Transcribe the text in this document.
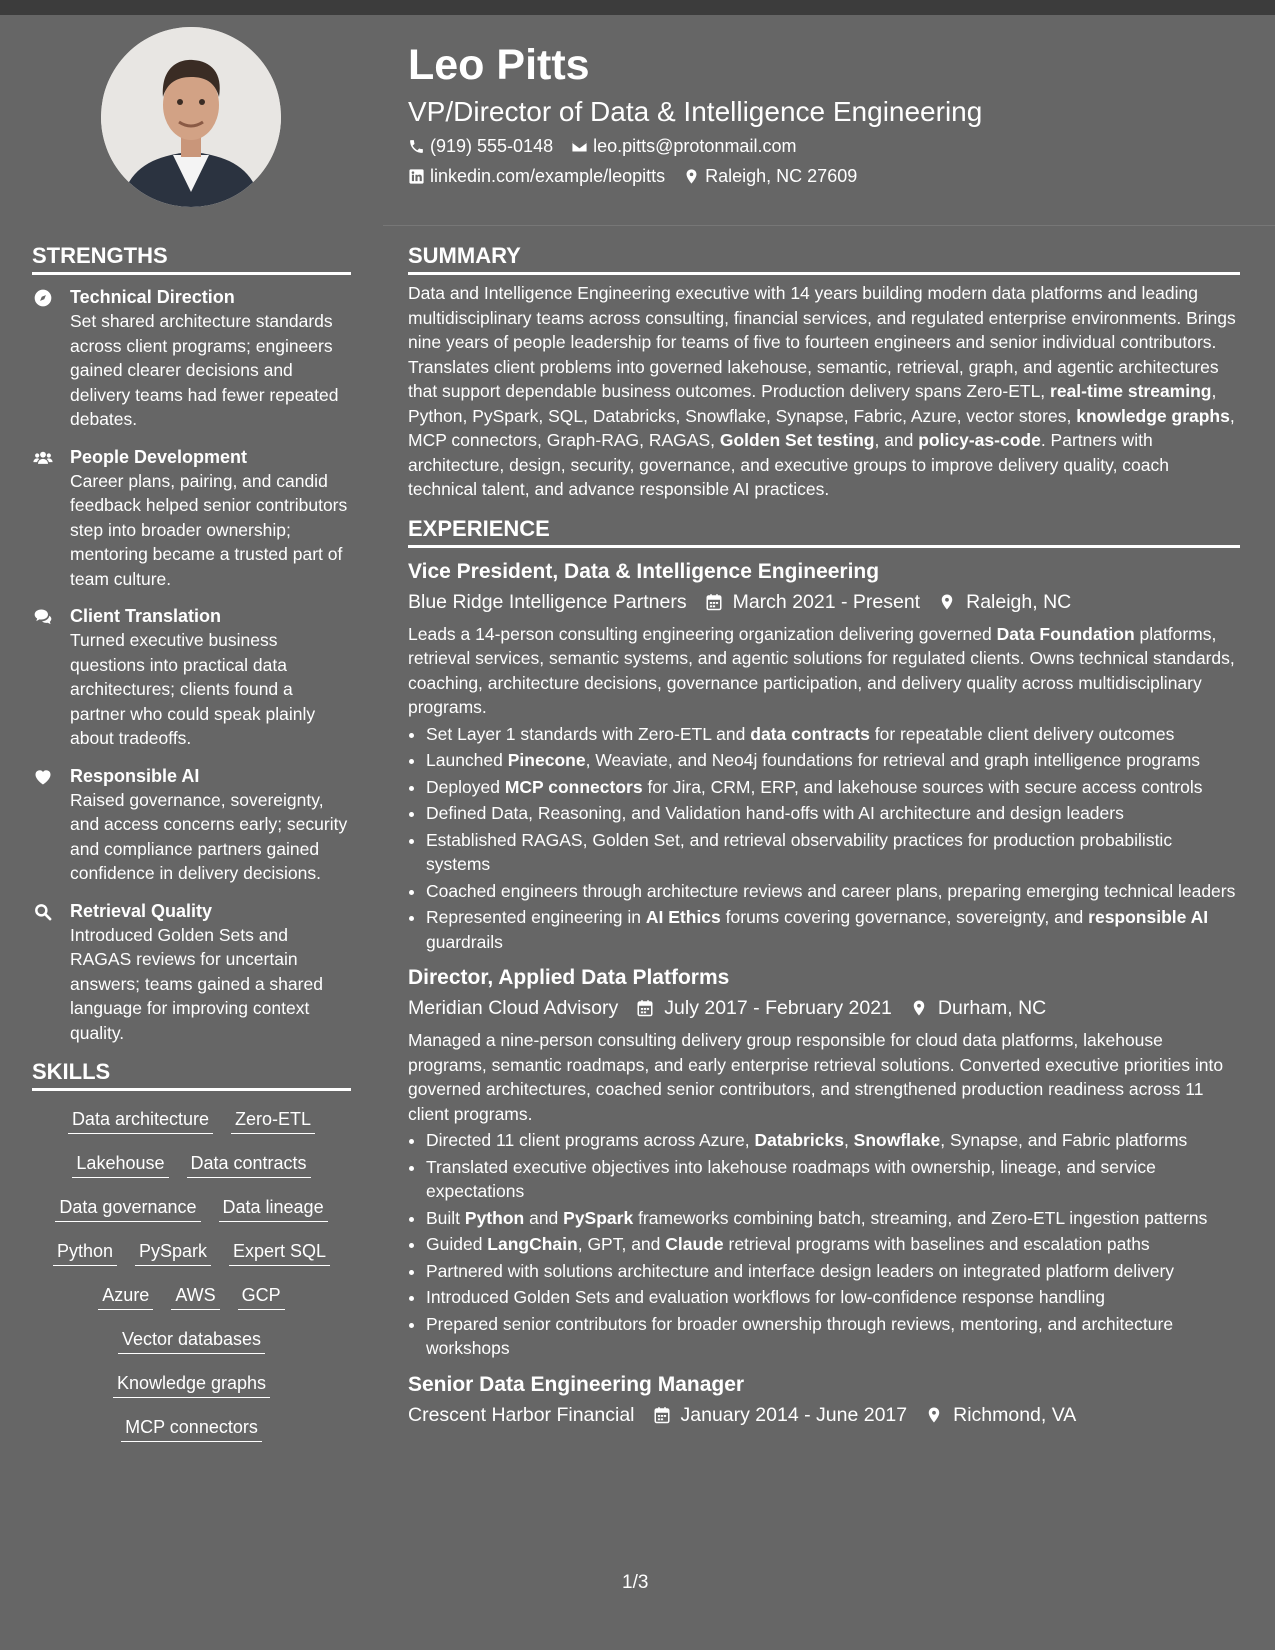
Leo Pitts
VP/Director of Data & Intelligence Engineering
(919) 555-0148 leo.pitts@protonmail.com
linkedin.com/example/leopitts Raleigh, NC 27609
STRENGTHS
Technical Direction
Set shared architecture standards across client programs; engineers gained clearer decisions and delivery teams had fewer repeated debates.
People Development
Career plans, pairing, and candid feedback helped senior contributors step into broader ownership; mentoring became a trusted part of team culture.
Client Translation
Turned executive business questions into practical data architectures; clients found a partner who could speak plainly about tradeoffs.
Responsible AI
Raised governance, sovereignty, and access concerns early; security and compliance partners gained confidence in delivery decisions.
Retrieval Quality
Introduced Golden Sets and RAGAS reviews for uncertain answers; teams gained a shared language for improving context quality.
SKILLS
Data architecture Zero-ETL
Lakehouse Data contracts
Data governance Data lineage
Python PySpark Expert SQL
Azure AWS GCP
Vector databases
Knowledge graphs
MCP connectors
SUMMARY

Data and Intelligence Engineering executive with 14 years building modern data platforms and leading multidisciplinary teams across consulting, financial services, and regulated enterprise environments. Brings nine years of people leadership for teams of five to fourteen engineers and senior individual contributors. Translates client problems into governed lakehouse, semantic, retrieval, graph, and agentic architectures that support dependable business outcomes. Production delivery spans Zero-ETL, real-time streaming, Python, PySpark, SQL, Databricks, Snowflake, Synapse, Fabric, Azure, vector stores, knowledge graphs, MCP connectors, Graph-RAG, RAGAS, Golden Set testing, and policy-as-code. Partners with architecture, design, security, governance, and executive groups to improve delivery quality, coach technical talent, and advance responsible AI practices.

EXPERIENCE
Vice President, Data & Intelligence Engineering
Blue Ridge Intelligence Partners March 2021 - Present Raleigh, NC

Leads a 14-person consulting engineering organization delivering governed Data Foundation platforms, retrieval services, semantic systems, and agentic solutions for regulated clients. Owns technical standards, coaching, architecture decisions, governance participation, and delivery quality across multidisciplinary programs.

• Set Layer 1 standards with Zero-ETL and data contracts for repeatable client delivery outcomes
• Launched Pinecone, Weaviate, and Neo4j foundations for retrieval and graph intelligence programs
• Deployed MCP connectors for Jira, CRM, ERP, and lakehouse sources with secure access controls
• Defined Data, Reasoning, and Validation hand-offs with AI architecture and design leaders
• Established RAGAS, Golden Set, and retrieval observability practices for production probabilistic systems
• Coached engineers through architecture reviews and career plans, preparing emerging technical leaders
• Represented engineering in AI Ethics forums covering governance, sovereignty, and responsible AI guardrails
Director, Applied Data Platforms
Meridian Cloud Advisory July 2017 - February 2021 Durham, NC

Managed a nine-person consulting delivery group responsible for cloud data platforms, lakehouse programs, semantic roadmaps, and early enterprise retrieval solutions. Converted executive priorities into governed architectures, coached senior contributors, and strengthened production readiness across 11 client programs.

• Directed 11 client programs across Azure, Databricks, Snowflake, Synapse, and Fabric platforms
• Translated executive objectives into lakehouse roadmaps with ownership, lineage, and service expectations
• Built Python and PySpark frameworks combining batch, streaming, and Zero-ETL ingestion patterns
• Guided LangChain, GPT, and Claude retrieval programs with baselines and escalation paths
• Partnered with solutions architecture and interface design leaders on integrated platform delivery
• Introduced Golden Sets and evaluation workflows for low-confidence response handling
• Prepared senior contributors for broader ownership through reviews, mentoring, and architecture workshops
Senior Data Engineering Manager
Crescent Harbor Financial January 2014 - June 2017 Richmond, VA
1/3
